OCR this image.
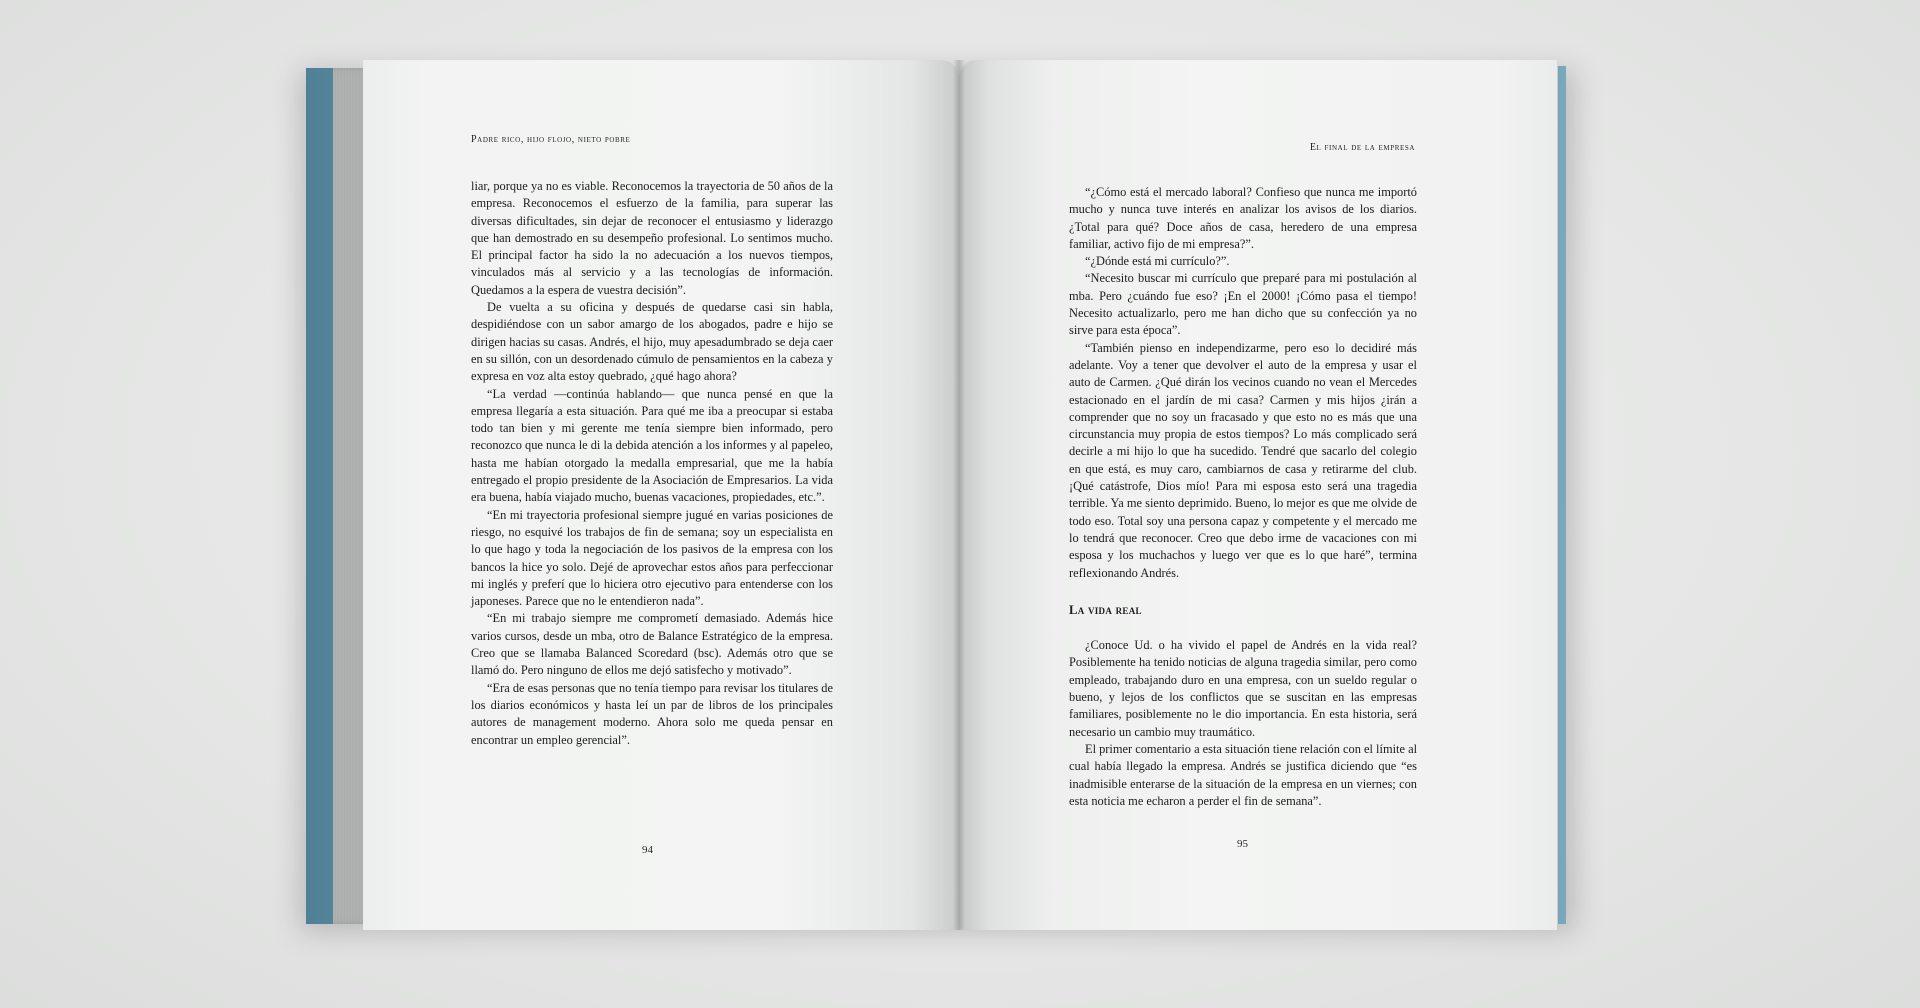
Padre rico, hijo flojo, nieto pobre

liar, porque ya no es viable. Reconocemos la trayectoria de 50 años de la empresa. Reconocemos el esfuerzo de la familia, para superar las diversas dificultades, sin dejar de reconocer el entusiasmo y liderazgo que han demostrado en su desempeño profesional. Lo sentimos mucho. El principal factor ha sido la no adecuación a los nuevos tiempos, vinculados más al servicio y a las tecnologías de información. Quedamos a la espera de vuestra decisión”.

De vuelta a su oficina y después de quedarse casi sin habla, despidiéndose con un sabor amargo de los abogados, padre e hijo se dirigen hacias su casas. Andrés, el hijo, muy apesadumbrado se deja caer en su sillón, con un desordenado cúmulo de pensamientos en la cabeza y expresa en voz alta estoy quebrado, ¿qué hago ahora?

“La verdad —continúa hablando— que nunca pensé en que la empresa llegaría a esta situación. Para qué me iba a preocupar si estaba todo tan bien y mi gerente me tenía siempre bien informado, pero reconozco que nunca le di la debida atención a los informes y al papeleo, hasta me habían otorgado la medalla empresarial, que me la había entregado el propio presidente de la Asociación de Empresarios. La vida era buena, había viajado mucho, buenas vacaciones, propiedades, etc.”.

“En mi trayectoria profesional siempre jugué en varias posiciones de riesgo, no esquivé los trabajos de fin de semana; soy un especialista en lo que hago y toda la negociación de los pasivos de la empresa con los bancos la hice yo solo. Dejé de aprovechar estos años para perfeccionar mi inglés y preferí que lo hiciera otro ejecutivo para entenderse con los japoneses. Parece que no le entendieron nada”.

“En mi trabajo siempre me comprometí demasiado. Además hice varios cursos, desde un mba, otro de Balance Estratégico de la empresa. Creo que se llamaba Balanced Scoredard (bsc). Además otro que se llamó do. Pero ninguno de ellos me dejó satisfecho y motivado”.

“Era de esas personas que no tenía tiempo para revisar los titulares de los diarios económicos y hasta leí un par de libros de los principales autores de management moderno. Ahora solo me queda pensar en encontrar un empleo gerencial”.

94
El final de la empresa

“¿Cómo está el mercado laboral? Confieso que nunca me importó mucho y nunca tuve interés en analizar los avisos de los diarios. ¿Total para qué? Doce años de casa, heredero de una empresa familiar, activo fijo de mi empresa?”.

“¿Dónde está mi currículo?”.

“Necesito buscar mi currículo que preparé para mi postulación al mba. Pero ¿cuándo fue eso? ¡En el 2000! ¡Cómo pasa el tiempo! Necesito actualizarlo, pero me han dicho que su confección ya no sirve para esta época”.

“También pienso en independizarme, pero eso lo decidiré más adelante. Voy a tener que devolver el auto de la empresa y usar el auto de Carmen. ¿Qué dirán los vecinos cuando no vean el Mercedes estacionado en el jardín de mi casa? Carmen y mis hijos ¿irán a comprender que no soy un fracasado y que esto no es más que una circunstancia muy propia de estos tiempos? Lo más complicado será decirle a mi hijo lo que ha sucedido. Tendré que sacarlo del colegio en que está, es muy caro, cambiarnos de casa y retirarme del club. ¡Qué catástrofe, Dios mío! Para mi esposa esto será una tragedia terrible. Ya me siento deprimido. Bueno, lo mejor es que me olvide de todo eso. Total soy una persona capaz y competente y el mercado me lo tendrá que reconocer. Creo que debo irme de vacaciones con mi esposa y los muchachos y luego ver que es lo que haré”, termina reflexionando Andrés.

La vida real

¿Conoce Ud. o ha vivido el papel de Andrés en la vida real? Posiblemente ha tenido noticias de alguna tragedia similar, pero como empleado, trabajando duro en una empresa, con un sueldo regular o bueno, y lejos de los conflictos que se suscitan en las empresas familiares, posiblemente no le dio importancia. En esta historia, será necesario un cambio muy traumático.

El primer comentario a esta situación tiene relación con el límite al cual había llegado la empresa. Andrés se justifica diciendo que “es inadmisible enterarse de la situación de la empresa en un viernes; con esta noticia me echaron a perder el fin de semana”.

95
